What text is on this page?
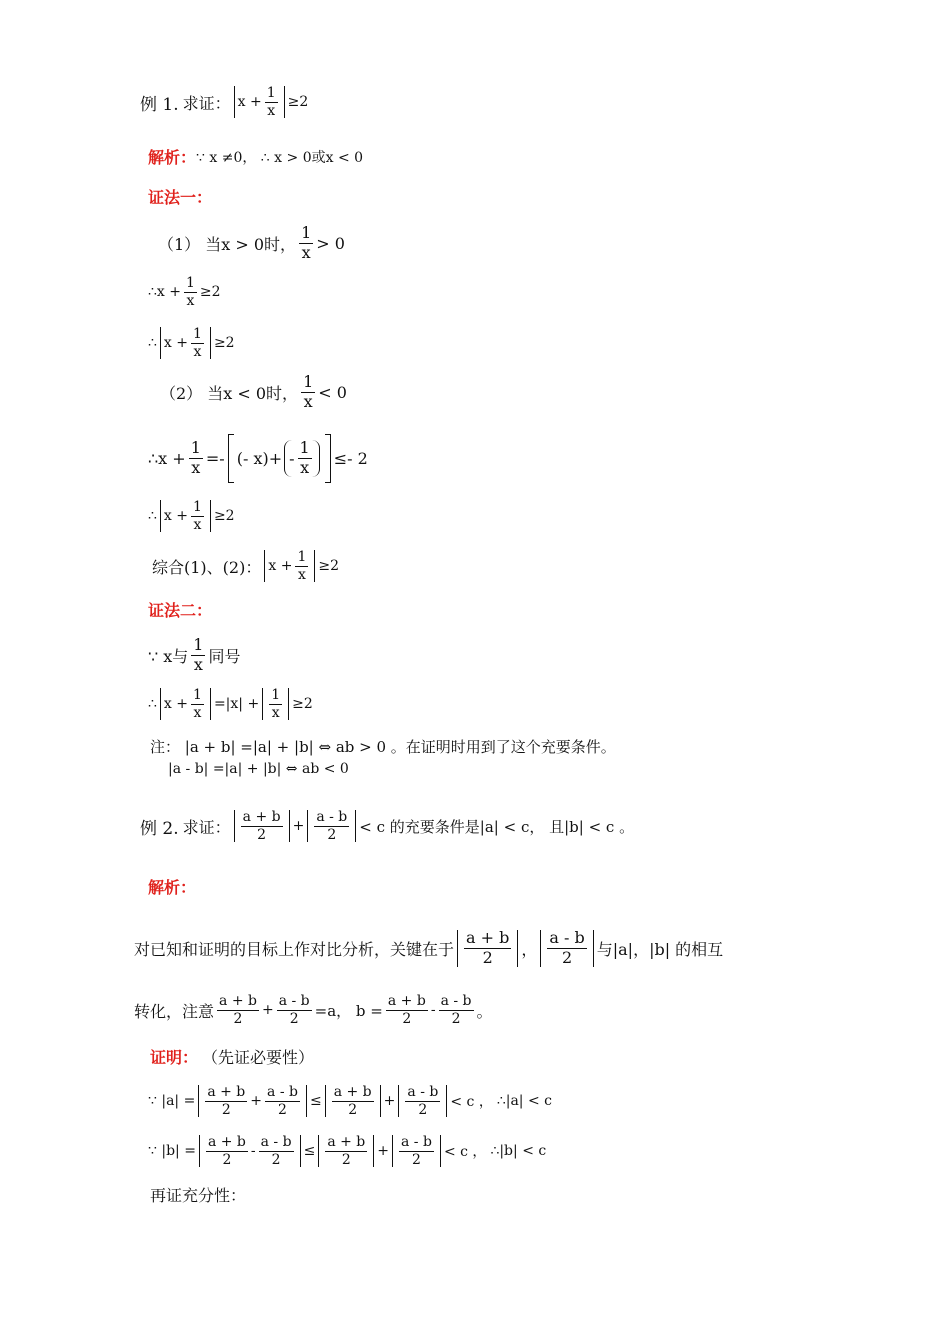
例 1. 求证： x
+ $\frac{1}{x} \ge 2$
解析： ∵ x ≠0， ∴ x > 0或x < 0
证法一：
（1） 当x > 0时， $\frac{1}{x} > 0$
∴x + $\frac{1}{x} \ge 2$
∴ x
+ $\frac{1}{x} \ge 2$
（2） 当x < 0时， $\frac{1}{x} < 0$
∴x + $\frac{1}{x}$ =- (- x) + - $\frac{1}{x} \le- 2$
∴ x
+ $\frac{1}{x} \ge 2$
综合(1)、(2)： x
+ $\frac{1}{x} \ge 2$
证法二：
∵ x与 $\frac{1}{x}$ 同号
∴ x
+ $\frac{1}{x} =|x| + \frac{1}{x} \ge 2$
注： |a + b| =|a| + |b| ⇔ ab > 0 。在证明时用到了这个充要条件。
|a - b| =|a| + |b| ⇔ ab < 0
例 2. 求证： $\frac{a + b}{2} + \frac{a - b}{2} < c$ 的充要条件是|a| < c， 且|b| < c 。
解析：
对已知和证明的目标上作对比分析，关键在于 $\frac{a + b}{2}$ ， $\frac{a - b}{2}$ 与|a|，|b| 的相互
转化，注意 $\frac{a + b}{2} + \frac{a - b}{2} =a$， $b = \frac{a + b}{2} - \frac{a - b}{2}$ 。
证明： （先证必要性）
∵ $|a| = \frac{a + b}{2} + \frac{a - b}{2} \le \frac{a + b}{2} + \frac{a - b}{2} < c$ ， ∴|a| < c
∵ $|b| = \frac{a + b}{2} - \frac{a - b}{2} \le \frac{a + b}{2} + \frac{a - b}{2} < c$ ， ∴|b| < c
再证充分性：
